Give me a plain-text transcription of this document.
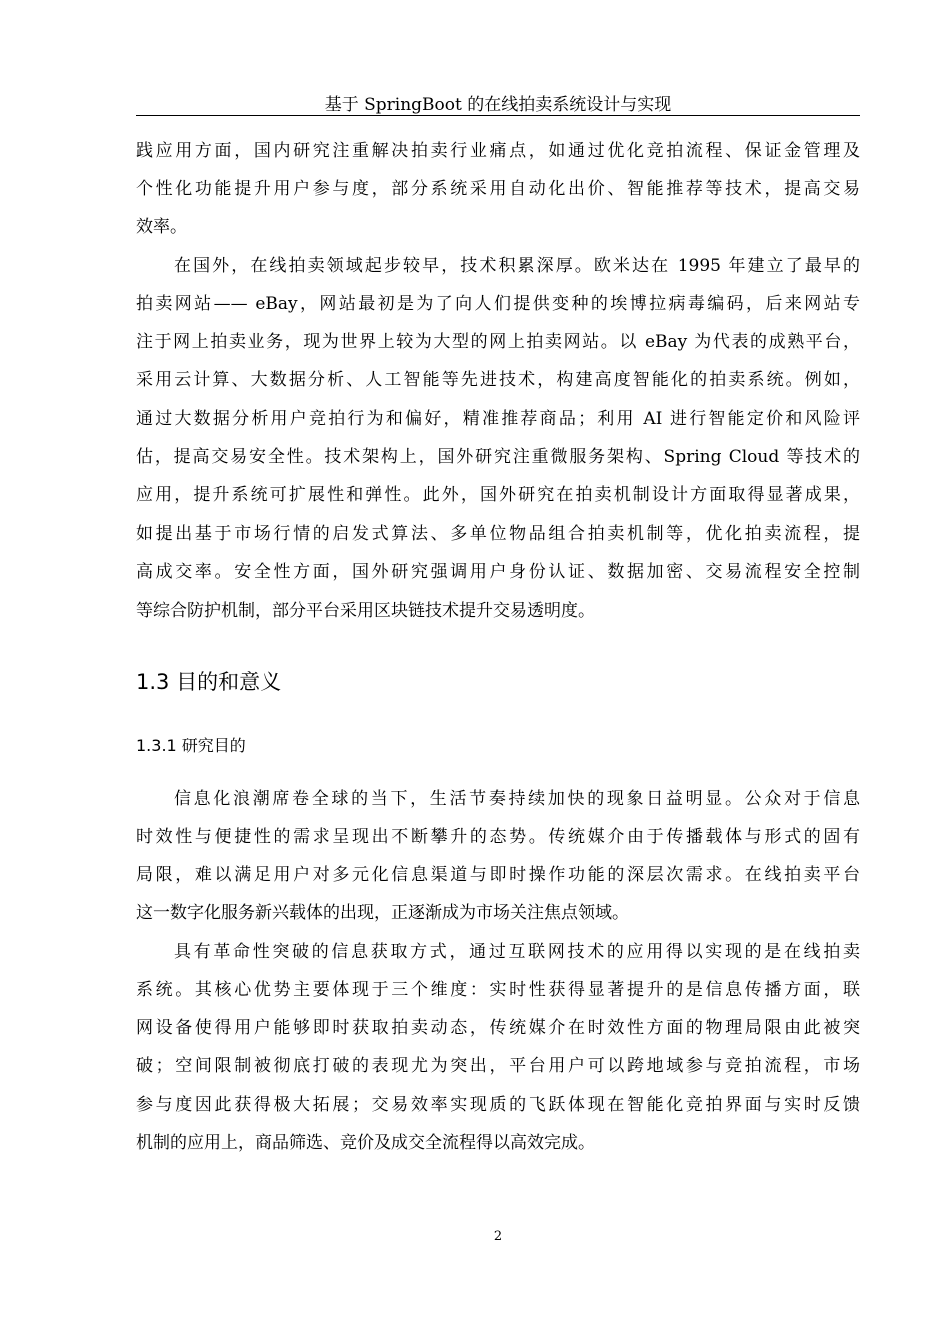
基于 SpringBoot 的在线拍卖系统设计与实现
践应用方面，国内研究注重解决拍卖行业痛点，如通过优化竞拍流程、保证金管理及
个性化功能提升用户参与度，部分系统采用自动化出价、智能推荐等技术，提高交易
效率。
在国外，在线拍卖领域起步较早，技术积累深厚。欧米达在 1995 年建立了最早的
拍卖网站—— eBay，网站最初是为了向人们提供变种的埃博拉病毒编码，后来网站专
注于网上拍卖业务，现为世界上较为大型的网上拍卖网站。以 eBay 为代表的成熟平台，
采用云计算、大数据分析、人工智能等先进技术，构建高度智能化的拍卖系统。例如，
通过大数据分析用户竞拍行为和偏好，精准推荐商品；利用 AI 进行智能定价和风险评
估，提高交易安全性。技术架构上，国外研究注重微服务架构、Spring Cloud 等技术的
应用，提升系统可扩展性和弹性。此外，国外研究在拍卖机制设计方面取得显著成果，
如提出基于市场行情的启发式算法、多单位物品组合拍卖机制等，优化拍卖流程，提
高成交率。安全性方面，国外研究强调用户身份认证、数据加密、交易流程安全控制
等综合防护机制，部分平台采用区块链技术提升交易透明度。
1.3 目的和意义
1.3.1 研究目的
信息化浪潮席卷全球的当下，生活节奏持续加快的现象日益明显。公众对于信息
时效性与便捷性的需求呈现出不断攀升的态势。传统媒介由于传播载体与形式的固有
局限，难以满足用户对多元化信息渠道与即时操作功能的深层次需求。在线拍卖平台
这一数字化服务新兴载体的出现，正逐渐成为市场关注焦点领域。
具有革命性突破的信息获取方式，通过互联网技术的应用得以实现的是在线拍卖
系统。其核心优势主要体现于三个维度：实时性获得显著提升的是信息传播方面，联
网设备使得用户能够即时获取拍卖动态，传统媒介在时效性方面的物理局限由此被突
破；空间限制被彻底打破的表现尤为突出，平台用户可以跨地域参与竞拍流程，市场
参与度因此获得极大拓展；交易效率实现质的飞跃体现在智能化竞拍界面与实时反馈
机制的应用上，商品筛选、竞价及成交全流程得以高效完成。
2
